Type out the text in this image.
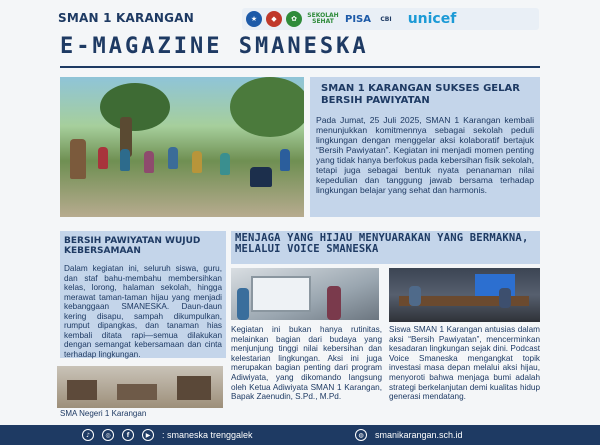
SMAN 1 KARANGAN	★	◆	✿	SEKOLAH SEHAT	PISA	CBI	unicef
E-MAGAZINE SMANESKA
SMAN 1 KARANGAN SUKSES GELAR BERSIH PAWIYATAN

Pada Jumat, 25 Juli 2025, SMAN 1 Karangan kembali menunjukkan komitmennya sebagai sekolah peduli lingkungan dengan menggelar aksi kolaboratif bertajuk “Bersih Pawiyatan”. Kegiatan ini menjadi momen penting yang tidak hanya berfokus pada kebersihan fisik sekolah, tetapi juga sebagai bentuk nyata penanaman nilai kepedulian dan tanggung jawab bersama terhadap lingkungan belajar yang sehat dan harmonis.

BERSIH PAWIYATAN WUJUD KEBERSAMAAN

Dalam kegiatan ini, seluruh siswa, guru, dan staf bahu-membahu membersihkan kelas, lorong, halaman sekolah, hingga merawat taman-taman hijau yang menjadi kebanggaan SMANESKA. Daun-daun kering disapu, sampah dikumpulkan, rumput dipangkas, dan tanaman hias kembali ditata rapi—semua dilakukan dengan semangat kebersamaan dan cinta terhadap lingkungan.

SMA Negeri 1 Karangan
MENJAGA YANG HIJAU MENYUARAKAN YANG BERMAKNA, MELALUI VOICE SMANESKA
Kegiatan ini bukan hanya rutinitas, melainkan bagian dari budaya yang menjunjung tinggi nilai kebersihan dan kelestarian lingkungan. Aksi ini juga merupakan bagian penting dari program Adiwiyata, yang dikomando langsung oleh Ketua Adiwiyata SMAN 1 Karangan, Bapak Zaenudin, S.Pd., M.Pd.
Siswa SMAN 1 Karangan antusias dalam aksi “Bersih Pawiyatan”, mencerminkan kesadaran lingkungan sejak dini. Podcast Voice Smaneska mengangkat topik investasi masa depan melalui aksi hijau, menyoroti bahwa menjaga bumi adalah strategi berkelanjutan demi kualitas hidup generasi mendatang.
♪	◎	f	▶	: smaneska trenggalek	◍	smanikarangan.sch.id
